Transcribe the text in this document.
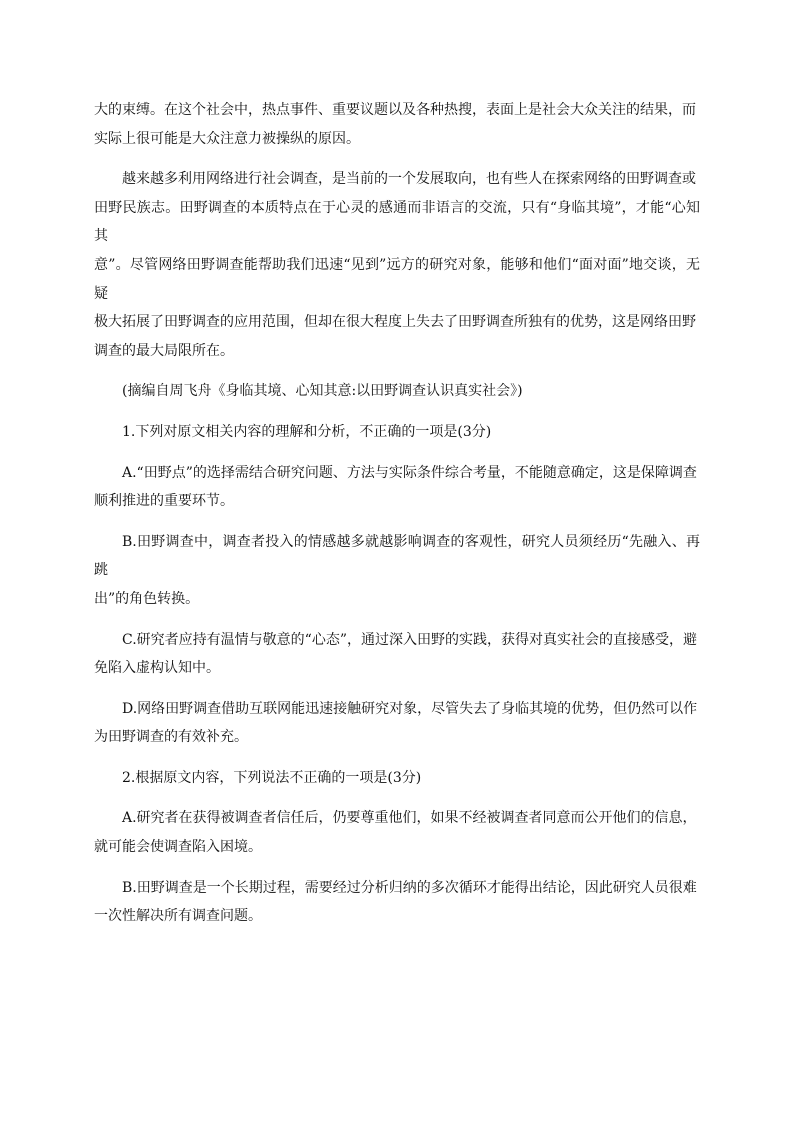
大的束缚。在这个社会中，热点事件、重要议题以及各种热搜，表面上是社会大众关注的结果，而
实际上很可能是大众注意力被操纵的原因。

越来越多利用网络进行社会调查，是当前的一个发展取向，也有些人在探索网络的田野调查或
田野民族志。田野调查的本质特点在于心灵的感通而非语言的交流，只有“身临其境”，才能“心知其
意”。尽管网络田野调查能帮助我们迅速“见到”远方的研究对象，能够和他们“面对面”地交谈，无疑
极大拓展了田野调查的应用范围，但却在很大程度上失去了田野调查所独有的优势，这是网络田野
调查的最大局限所在。

(摘编自周飞舟《身临其境、心知其意:以田野调查认识真实社会》)

1.下列对原文相关内容的理解和分析，不正确的一项是(3分)

A.“田野点”的选择需结合研究问题、方法与实际条件综合考量，不能随意确定，这是保障调查
顺利推进的重要环节。

B.田野调查中，调查者投入的情感越多就越影响调查的客观性，研究人员须经历“先融入、再跳
出”的角色转换。

C.研究者应持有温情与敬意的“心态”，通过深入田野的实践，获得对真实社会的直接感受，避
免陷入虚构认知中。

D.网络田野调查借助互联网能迅速接触研究对象，尽管失去了身临其境的优势，但仍然可以作
为田野调查的有效补充。

2.根据原文内容，下列说法不正确的一项是(3分)

A.研究者在获得被调查者信任后，仍要尊重他们，如果不经被调查者同意而公开他们的信息，
就可能会使调查陷入困境。

B.田野调查是一个长期过程，需要经过分析归纳的多次循环才能得出结论，因此研究人员很难
一次性解决所有调查问题。
